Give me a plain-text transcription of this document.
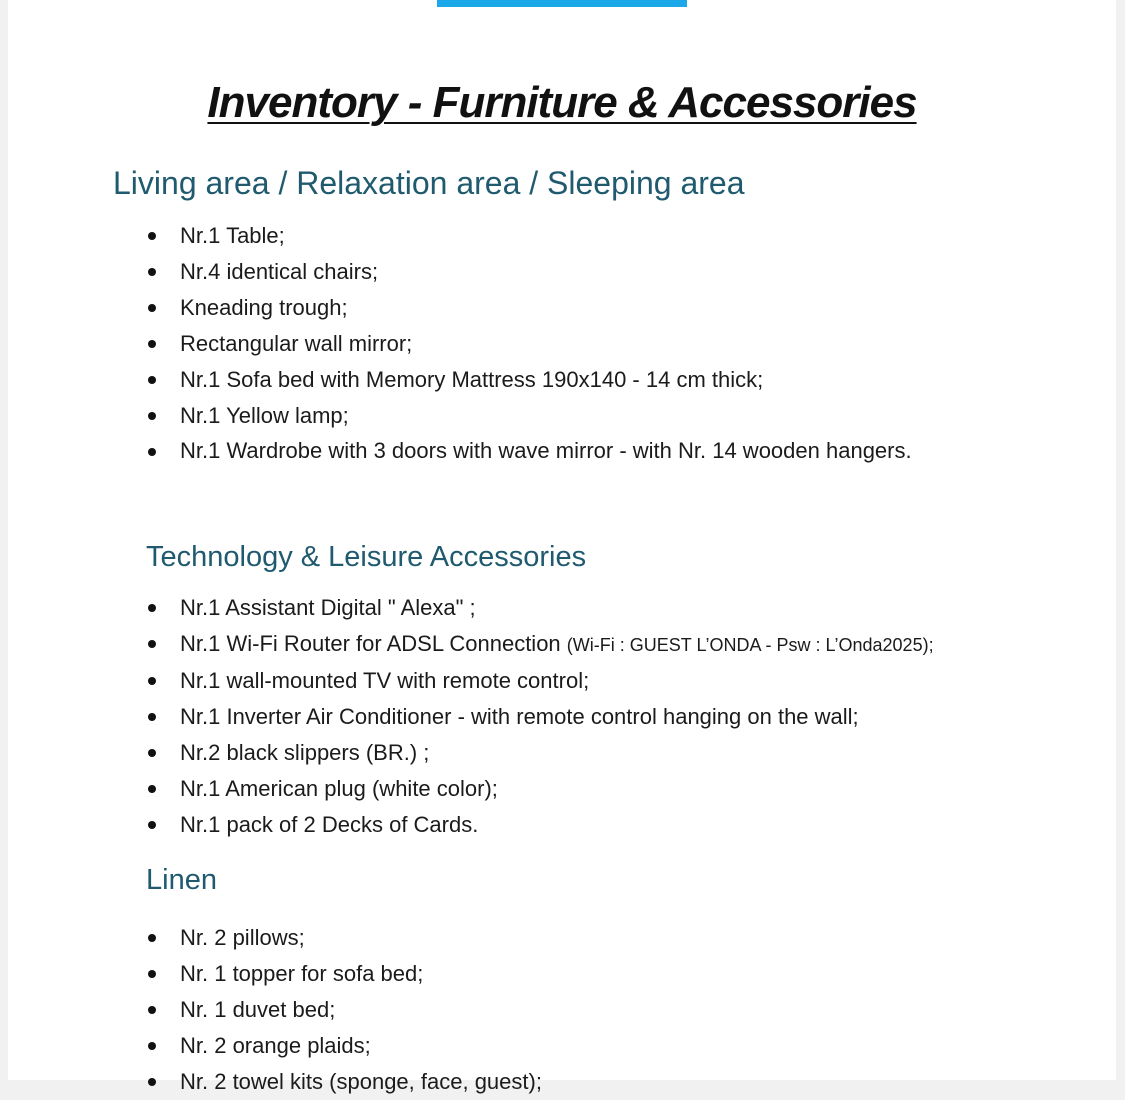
Inventory - Furniture & Accessories
Living area / Relaxation area / Sleeping area
Nr.1 Table;
Nr.4 identical chairs;
Kneading trough;
Rectangular wall mirror;
Nr.1 Sofa bed with Memory Mattress 190x140 - 14 cm thick;
Nr.1 Yellow lamp;
Nr.1 Wardrobe with 3 doors with wave mirror - with Nr. 14 wooden hangers.
Technology & Leisure Accessories
Nr.1 Assistant Digital " Alexa" ;
Nr.1 Wi-Fi Router for ADSL Connection (Wi-Fi : GUEST L’ONDA - Psw : L’Onda2025);
Nr.1 wall-mounted TV with remote control;
Nr.1 Inverter Air Conditioner - with remote control hanging on the wall;
Nr.2 black slippers (BR.) ;
Nr.1 American plug (white color);
Nr.1 pack of 2 Decks of Cards.
Linen
Nr. 2 pillows;
Nr. 1 topper for sofa bed;
Nr. 1 duvet bed;
Nr. 2 orange plaids;
Nr. 2 towel kits (sponge, face, guest);
